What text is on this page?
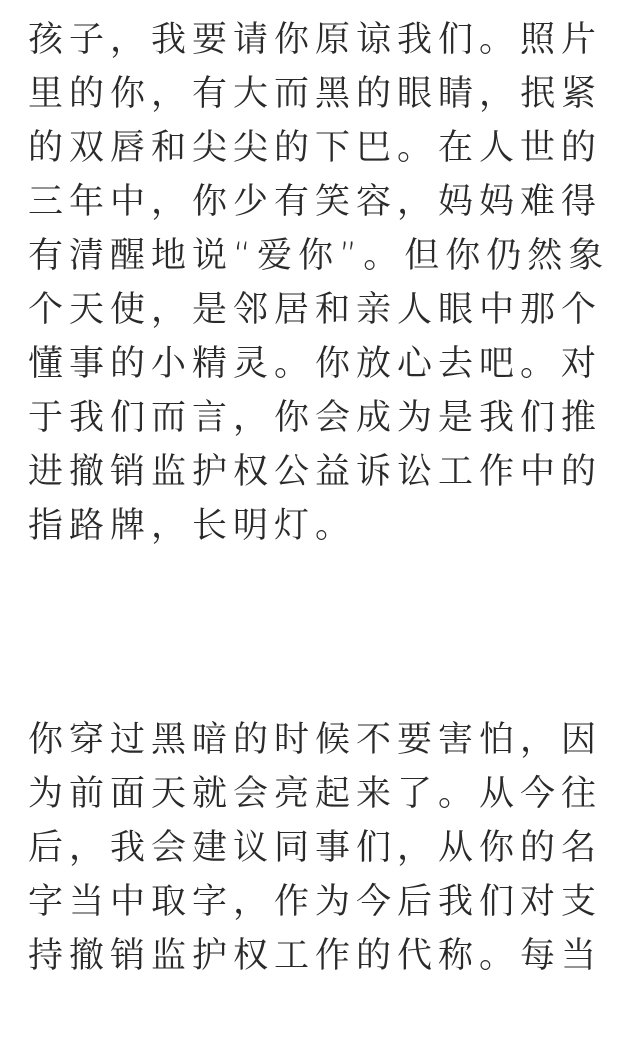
孩子，我要请你原谅我们。照片
里的你，有大而黑的眼睛，抿紧
的双唇和尖尖的下巴。在人世的
三年中，你少有笑容，妈妈难得
有清醒地说“爱你”。但你仍然象
个天使，是邻居和亲人眼中那个
懂事的小精灵。你放心去吧。对
于我们而言，你会成为是我们推
进撤销监护权公益诉讼工作中的
指路牌，长明灯。
你穿过黑暗的时候不要害怕，因
为前面天就会亮起来了。从今往
后，我会建议同事们，从你的名
字当中取字，作为今后我们对支
持撤销监护权工作的代称。每当
